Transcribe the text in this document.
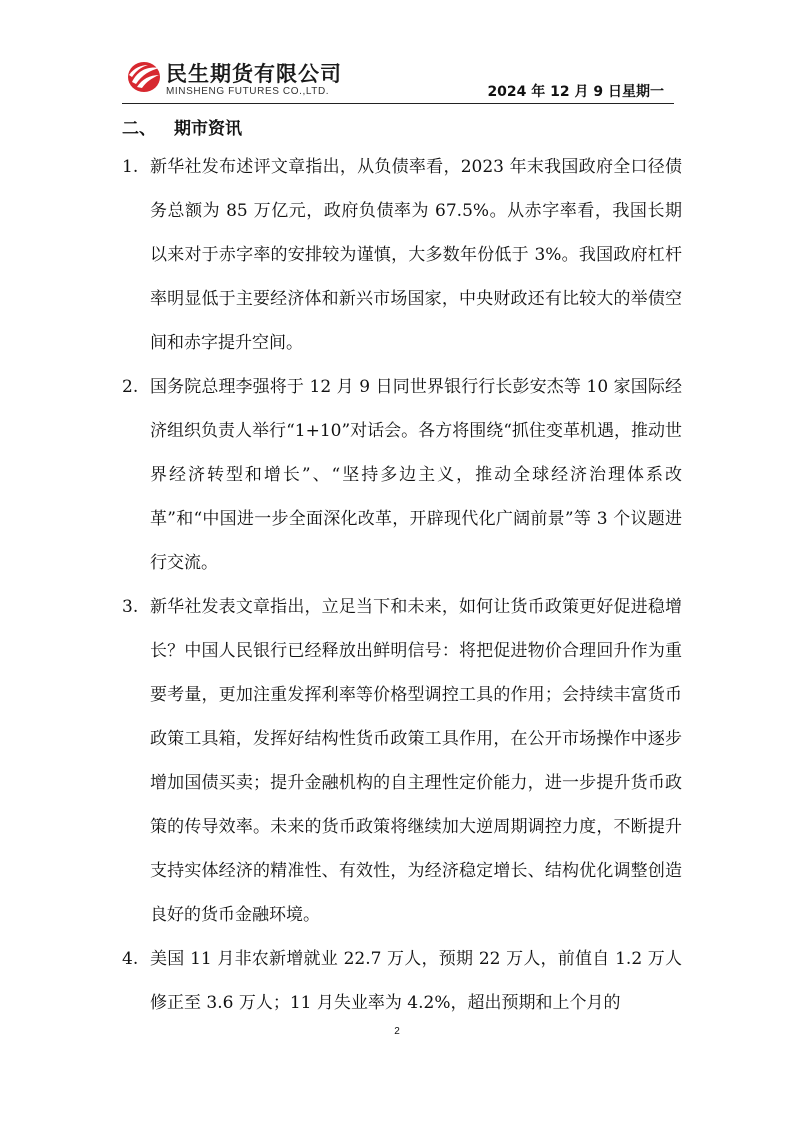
民生期货有限公司
MINSHENG FUTURES CO.,LTD.	2024 年 12 月 9 日星期一
二、 期市资讯
1. 新华社发布述评文章指出，从负债率看，2023 年末我国政府全口径债务总额为 85 万亿元，政府负债率为 67.5%。从赤字率看，我国长期以来对于赤字率的安排较为谨慎，大多数年份低于 3%。我国政府杠杆率明显低于主要经济体和新兴市场国家，中央财政还有比较大的举债空间和赤字提升空间。
2. 国务院总理李强将于 12 月 9 日同世界银行行长彭安杰等 10 家国际经济组织负责人举行“1+10”对话会。各方将围绕“抓住变革机遇，推动世界经济转型和增长”、“坚持多边主义，推动全球经济治理体系改革”和“中国进一步全面深化改革，开辟现代化广阔前景”等 3 个议题进行交流。
3. 新华社发表文章指出，立足当下和未来，如何让货币政策更好促进稳增长？中国人民银行已经释放出鲜明信号：将把促进物价合理回升作为重要考量，更加注重发挥利率等价格型调控工具的作用；会持续丰富货币政策工具箱，发挥好结构性货币政策工具作用，在公开市场操作中逐步增加国债买卖；提升金融机构的自主理性定价能力，进一步提升货币政策的传导效率。未来的货币政策将继续加大逆周期调控力度，不断提升支持实体经济的精准性、有效性，为经济稳定增长、结构优化调整创造良好的货币金融环境。
4. 美国 11 月非农新增就业 22.7 万人，预期 22 万人，前值自 1.2 万人修正至 3.6 万人；11 月失业率为 4.2%，超出预期和上个月的
2
